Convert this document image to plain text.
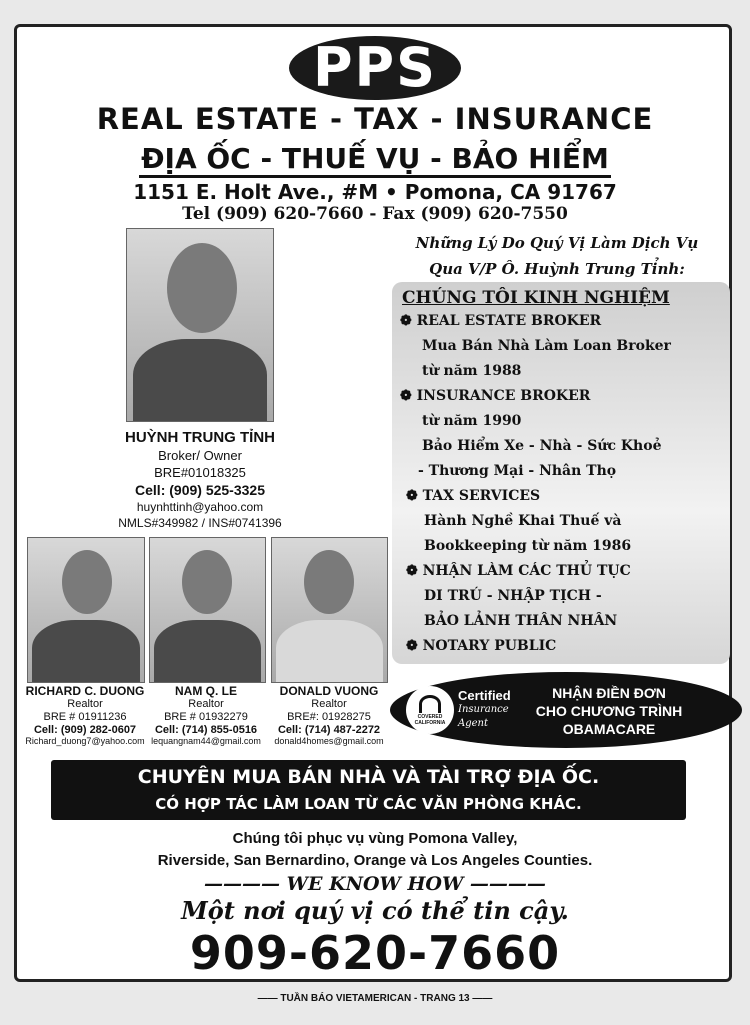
PPS
REAL ESTATE - TAX - INSURANCE
ĐỊA ỐC - THUẾ VỤ - BẢO HIỂM
1151 E. Holt Ave., #M • Pomona, CA 91767
Tel (909) 620-7660 - Fax (909) 620-7550
HUỲNH TRUNG TỈNH
Broker/ Owner
BRE#01018325
Cell: (909) 525-3325
huynhttinh@yahoo.com
NMLS#349982 / INS#0741396
Những Lý Do Quý Vị Làm Dịch Vụ
Qua V/P Ô. Huỳnh Trung Tỉnh:
CHÚNG TÔI KINH NGHIỆM
❁ REAL ESTATE BROKER
Mua Bán Nhà Làm Loan Broker
từ năm 1988
❁ INSURANCE BROKER
từ năm 1990
Bảo Hiểm Xe - Nhà - Sức Khoẻ
- Thương Mại - Nhân Thọ
❁ TAX SERVICES
Hành Nghề Khai Thuế và
Bookkeeping từ năm 1986
❁ NHẬN LÀM CÁC THỦ TỤC
DI TRÚ - NHẬP TỊCH -
BẢO LẢNH THÂN NHÂN
❁ NOTARY PUBLIC
RICHARD C. DUONG
Realtor
BRE # 01911236
Cell: (909) 282-0607
Richard_duong7@yahoo.com
NAM Q. LE
Realtor
BRE # 01932279
Cell: (714) 855-0516
lequangnam44@gmail.com
DONALD VUONG
Realtor
BRE#: 01928275
Cell: (714) 487-2272
donald4homes@gmail.com
COVERED
CALIFORNIA
Certified
Insurance
Agent
NHẬN ĐIỀN ĐƠN
CHO CHƯƠNG TRÌNH
OBAMACARE
CHUYÊN MUA BÁN NHÀ VÀ TÀI TRỢ ĐỊA ỐC.
CÓ HỢP TÁC LÀM LOAN TỪ CÁC VĂN PHÒNG KHÁC.
Chúng tôi phục vụ vùng Pomona Valley,
Riverside, San Bernardino, Orange và Los Angeles Counties.
———— WE KNOW HOW ————
Một nơi quý vị có thể tin cậy.
909-620-7660
—— TUẦN BÁO VIETAMERICAN - TRANG 13 ——
